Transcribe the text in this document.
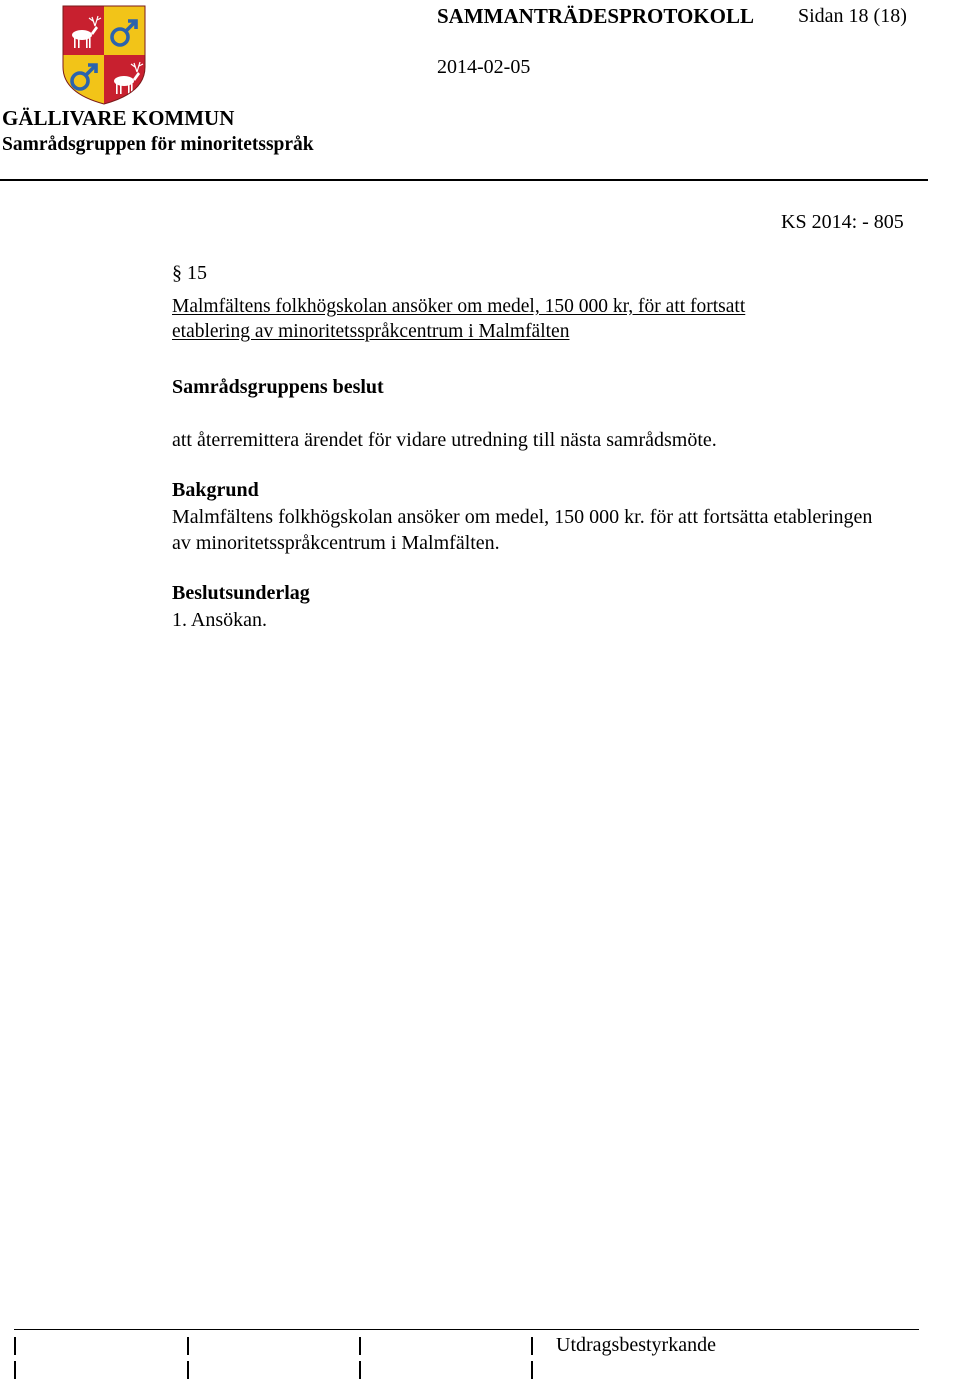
GÄLLIVARE KOMMUN
Samrådsgruppen för minoritetsspråk
SAMMANTRÄDESPROTOKOLL Sidan 18 (18)
2014-02-05
KS 2014: - 805
§ 15
Malmfältens folkhögskolan ansöker om medel, 150 000 kr, för att fortsatt
etablering av minoritetsspråkcentrum i Malmfälten
Samrådsgruppens beslut
att återremittera ärendet för vidare utredning till nästa samrådsmöte.
Bakgrund
Malmfältens folkhögskolan ansöker om medel, 150 000 kr. för att fortsätta etableringen
av minoritetsspråkcentrum i Malmfälten.
Beslutsunderlag
1. Ansökan.
Utdragsbestyrkande
